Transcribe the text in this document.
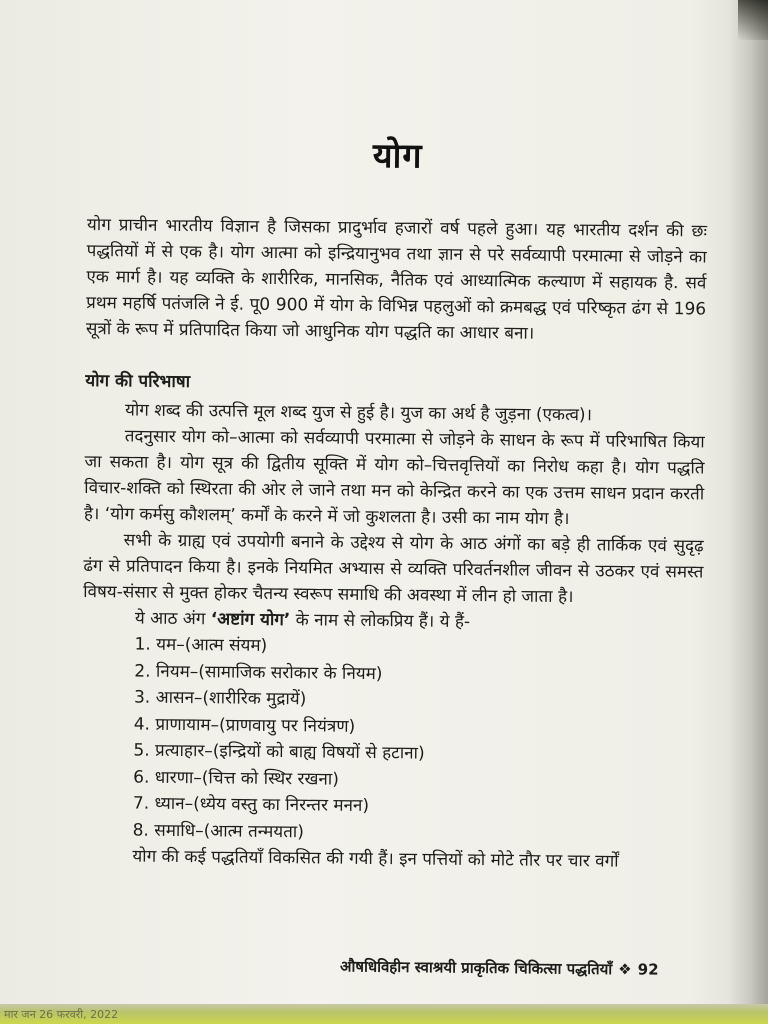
योग

योग प्राचीन भारतीय विज्ञान है जिसका प्रादुर्भाव हजारों वर्ष पहले हुआ। यह भारतीय दर्शन की छः पद्धतियों में से एक है। योग आत्मा को इन्द्रियानुभव तथा ज्ञान से परे सर्वव्यापी परमात्मा से जोड़ने का एक मार्ग है। यह व्यक्ति के शारीरिक, मानसिक, नैतिक एवं आध्यात्मिक कल्याण में सहायक है. सर्व प्रथम महर्षि पतंजलि ने ई. पू0 900 में योग के विभिन्न पहलुओं को क्रमबद्ध एवं परिष्कृत ढंग से 196 सूत्रों के रूप में प्रतिपादित किया जो आधुनिक योग पद्धति का आधार बना।

योग की परिभाषा

योग शब्द की उत्पत्ति मूल शब्द युज से हुई है। युज का अर्थ है जुड़ना (एकत्व)।

तदनुसार योग को–आत्मा को सर्वव्यापी परमात्मा से जोड़ने के साधन के रूप में परिभाषित किया जा सकता है। योग सूत्र की द्वितीय सूक्ति में योग को–चित्तवृत्तियों का निरोध कहा है। योग पद्धति विचार-शक्ति को स्थिरता की ओर ले जाने तथा मन को केन्द्रित करने का एक उत्तम साधन प्रदान करती है। ‘योग कर्मसु कौशलम्’ कर्मों के करने में जो कुशलता है। उसी का नाम योग है।

सभी के ग्राह्य एवं उपयोगी बनाने के उद्देश्य से योग के आठ अंगों का बड़े ही तार्किक एवं सुदृढ़ ढंग से प्रतिपादन किया है। इनके नियमित अभ्यास से व्यक्ति परिवर्तनशील जीवन से उठकर एवं समस्त विषय-संसार से मुक्त होकर चैतन्य स्वरूप समाधि की अवस्था में लीन हो जाता है।

ये आठ अंग ‘अष्टांग योग’ के नाम से लोकप्रिय हैं। ये हैं-

1. यम–(आत्म संयम)
2. नियम–(सामाजिक सरोकार के नियम)
3. आसन–(शारीरिक मुद्रायें)
4. प्राणायाम–(प्राणवायु पर नियंत्रण)
5. प्रत्याहार–(इन्द्रियों को बाह्य विषयों से हटाना)
6. धारणा–(चित्त को स्थिर रखना)
7. ध्यान–(ध्येय वस्तु का निरन्तर मनन)
8. समाधि–(आत्म तन्मयता)

योग की कई पद्धतियाँ विकसित की गयी हैं। इन पत्तियों को मोटे तौर पर चार वर्गों

औषधिविहीन स्वाश्रयी प्राकृतिक चिकित्सा पद्धतियाँ ❖ 92
मार जन 26 फरवरी, 2022
